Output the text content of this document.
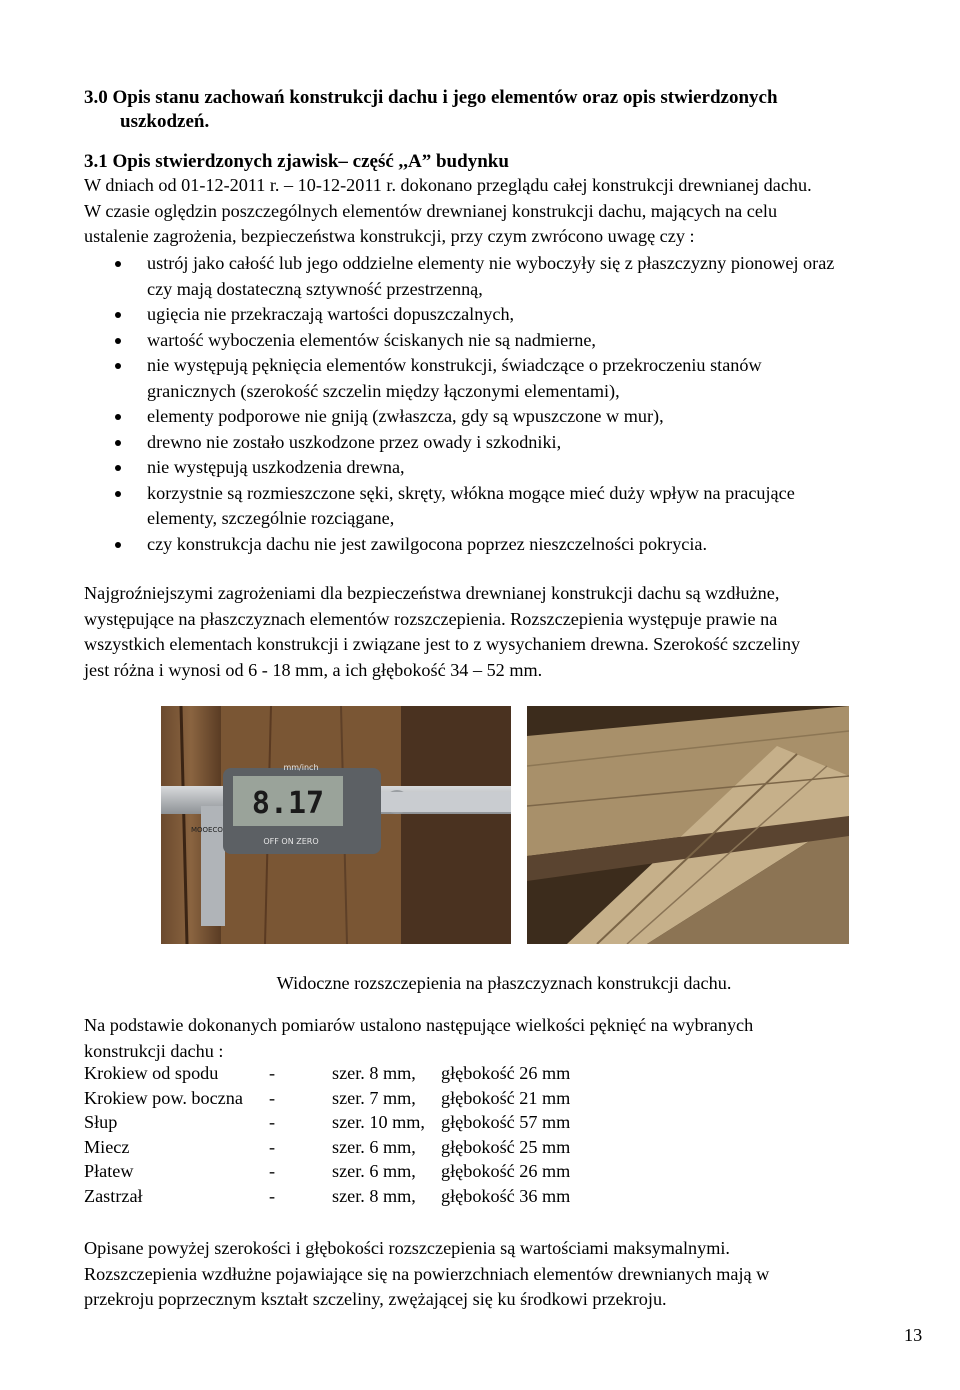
3.0 Opis stanu zachowań konstrukcji dachu i jego elementów oraz opis stwierdzonych
uszkodzeń.
3.1 Opis stwierdzonych zjawisk– część ,,A” budynku
W dniach od 01-12-2011 r. – 10-12-2011 r. dokonano przeglądu całej konstrukcji drewnianej dachu.
W czasie oględzin poszczególnych elementów drewnianej konstrukcji dachu, mających na celu
ustalenie zagrożenia, bezpieczeństwa konstrukcji, przy czym zwrócono uwagę czy :
ustrój jako całość lub jego oddzielne elementy nie wyboczyły się z płaszczyzny pionowej oraz
czy mają dostateczną sztywność przestrzenną,
ugięcia nie przekraczają wartości dopuszczalnych,
wartość wyboczenia elementów ściskanych nie są nadmierne,
nie występują pęknięcia elementów konstrukcji, świadczące o przekroczeniu stanów
granicznych (szerokość szczelin między łączonymi elementami),
elementy podporowe nie gniją (zwłaszcza, gdy są wpuszczone w mur),
drewno nie zostało uszkodzone przez owady i szkodniki,
nie występują uszkodzenia drewna,
korzystnie są rozmieszczone sęki, skręty, włókna mogące mieć duży wpływ na pracujące
elementy, szczególnie rozciągane,
czy konstrukcja dachu nie jest zawilgocona poprzez nieszczelności pokrycia.
Najgroźniejszymi zagrożeniami dla bezpieczeństwa drewnianej konstrukcji dachu są wzdłużne,
występujące na płaszczyznach elementów rozszczepienia. Rozszczepienia występuje prawie na
wszystkich elementach konstrukcji i związane jest to z wysychaniem drewna. Szerokość szczeliny
jest różna i wynosi od 6 - 18 mm, a ich głębokość 34 – 52 mm.
8.17
mm/inch
OFF ON ZERO
MOOECO
Widoczne rozszczepienia na płaszczyznach konstrukcji dachu.
Na podstawie dokonanych pomiarów ustalono następujące wielkości pęknięć na wybranych
konstrukcji dachu :
Krokiew od spodu	-	szer. 8 mm, głębokość 26 mm
Krokiew pow. boczna -	szer. 7 mm, głębokość 21 mm
Słup	-	szer. 10 mm, głębokość 57 mm
Miecz	-	szer. 6 mm, głębokość 25 mm
Płatew	-	szer. 6 mm, głębokość 26 mm
Zastrzał	-	szer. 8 mm, głębokość 36 mm
Opisane powyżej szerokości i głębokości rozszczepienia są wartościami maksymalnymi.
Rozszczepienia wzdłużne pojawiające się na powierzchniach elementów drewnianych mają w
przekroju poprzecznym kształt szczeliny, zwężającej się ku środkowi przekroju.
13
